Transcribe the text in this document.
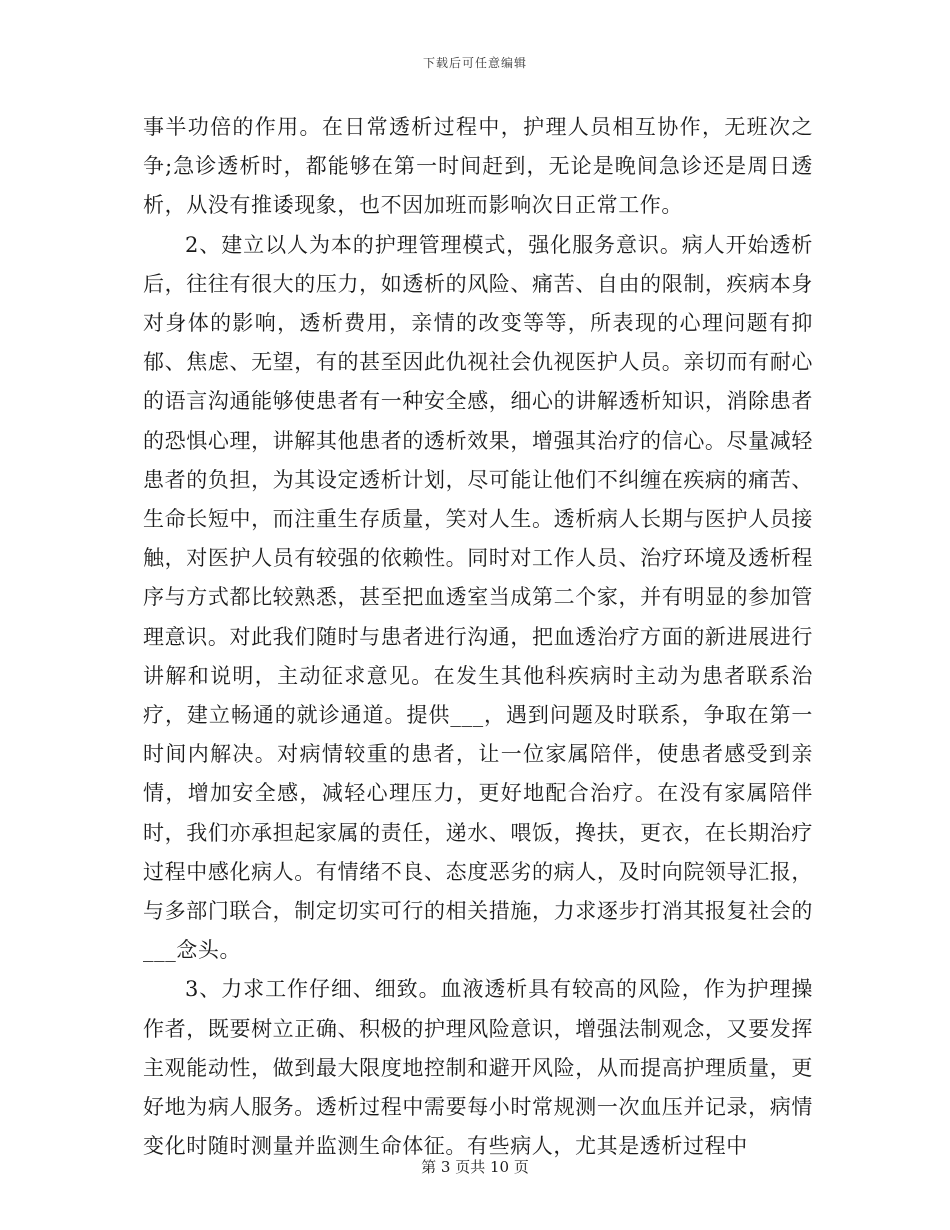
下载后可任意编辑

事半功倍的作用。在日常透析过程中，护理人员相互协作，无班次之争;急诊透析时，都能够在第一时间赶到，无论是晚间急诊还是周日透析，从没有推诿现象，也不因加班而影响次日正常工作。

2、建立以人为本的护理管理模式，强化服务意识。病人开始透析后，往往有很大的压力，如透析的风险、痛苦、自由的限制，疾病本身对身体的影响，透析费用，亲情的改变等等，所表现的心理问题有抑郁、焦虑、无望，有的甚至因此仇视社会仇视医护人员。亲切而有耐心的语言沟通能够使患者有一种安全感，细心的讲解透析知识，消除患者的恐惧心理，讲解其他患者的透析效果，增强其治疗的信心。尽量减轻患者的负担，为其设定透析计划，尽可能让他们不纠缠在疾病的痛苦、生命长短中，而注重生存质量，笑对人生。透析病人长期与医护人员接触，对医护人员有较强的依赖性。同时对工作人员、治疗环境及透析程序与方式都比较熟悉，甚至把血透室当成第二个家，并有明显的参加管理意识。对此我们随时与患者进行沟通，把血透治疗方面的新进展进行讲解和说明，主动征求意见。在发生其他科疾病时主动为患者联系治疗，建立畅通的就诊通道。提供___，遇到问题及时联系，争取在第一时间内解决。对病情较重的患者，让一位家属陪伴，使患者感受到亲情，增加安全感，减轻心理压力，更好地配合治疗。在没有家属陪伴时，我们亦承担起家属的责任，递水、喂饭，搀扶，更衣，在长期治疗过程中感化病人。有情绪不良、态度恶劣的病人，及时向院领导汇报，与多部门联合，制定切实可行的相关措施，力求逐步打消其报复社会的___念头。

3、力求工作仔细、细致。血液透析具有较高的风险，作为护理操作者，既要树立正确、积极的护理风险意识，增强法制观念，又要发挥主观能动性，做到最大限度地控制和避开风险，从而提高护理质量，更好地为病人服务。透析过程中需要每小时常规测一次血压并记录，病情变化时随时测量并监测生命体征。有些病人，尤其是透析过程中

第 3 页共 10 页
